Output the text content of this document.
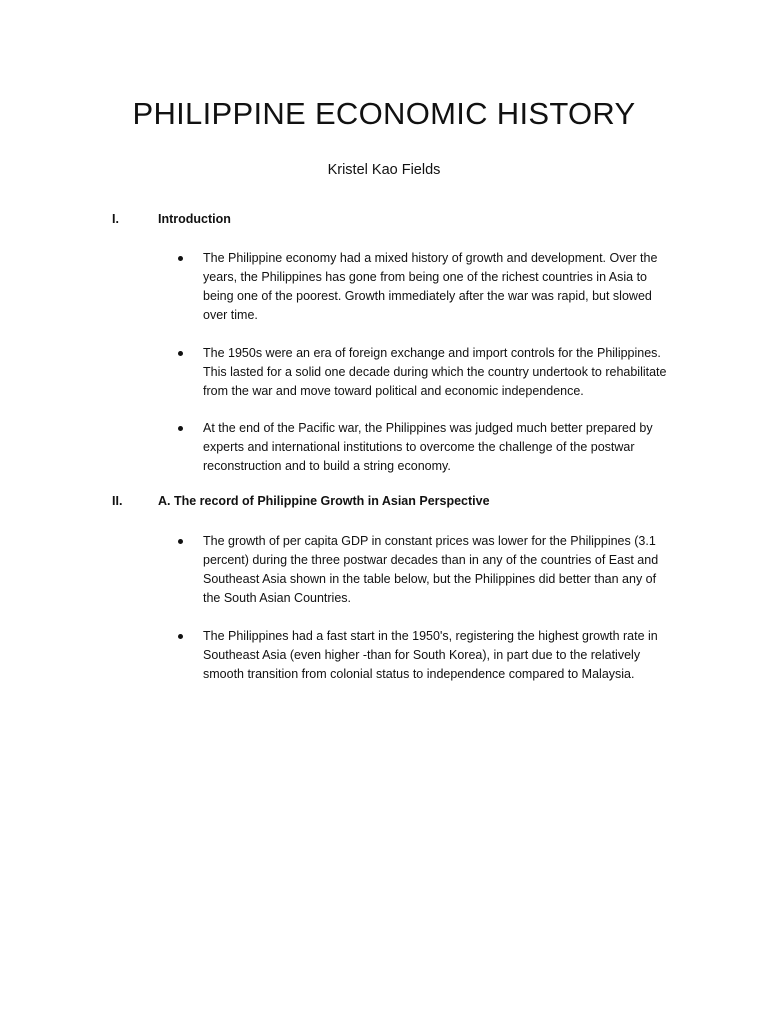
PHILIPPINE ECONOMIC HISTORY
Kristel Kao Fields
I.	Introduction
The Philippine economy had a mixed history of growth and development. Over the years, the Philippines has gone from being one of the richest countries in Asia to being one of the poorest. Growth immediately after the war was rapid, but slowed over time.
The 1950s were an era of foreign exchange and import controls for the Philippines. This lasted for a solid one decade during which the country undertook to rehabilitate from the war and move toward political and economic independence.
At the end of the Pacific war, the Philippines was judged much better prepared by experts and international institutions to overcome the challenge of the postwar reconstruction and to build a string economy.
II.	A. The record of Philippine Growth in Asian Perspective
The growth of per capita GDP in constant prices was lower for the Philippines (3.1 percent) during the three postwar decades than in any of the countries of East and Southeast Asia shown in the table below, but the Philippines did better than any of the South Asian Countries.
The Philippines had a fast start in the 1950's, registering the highest growth rate in Southeast Asia (even higher -than for South Korea), in part due to the relatively smooth transition from colonial status to independence compared to Malaysia.
